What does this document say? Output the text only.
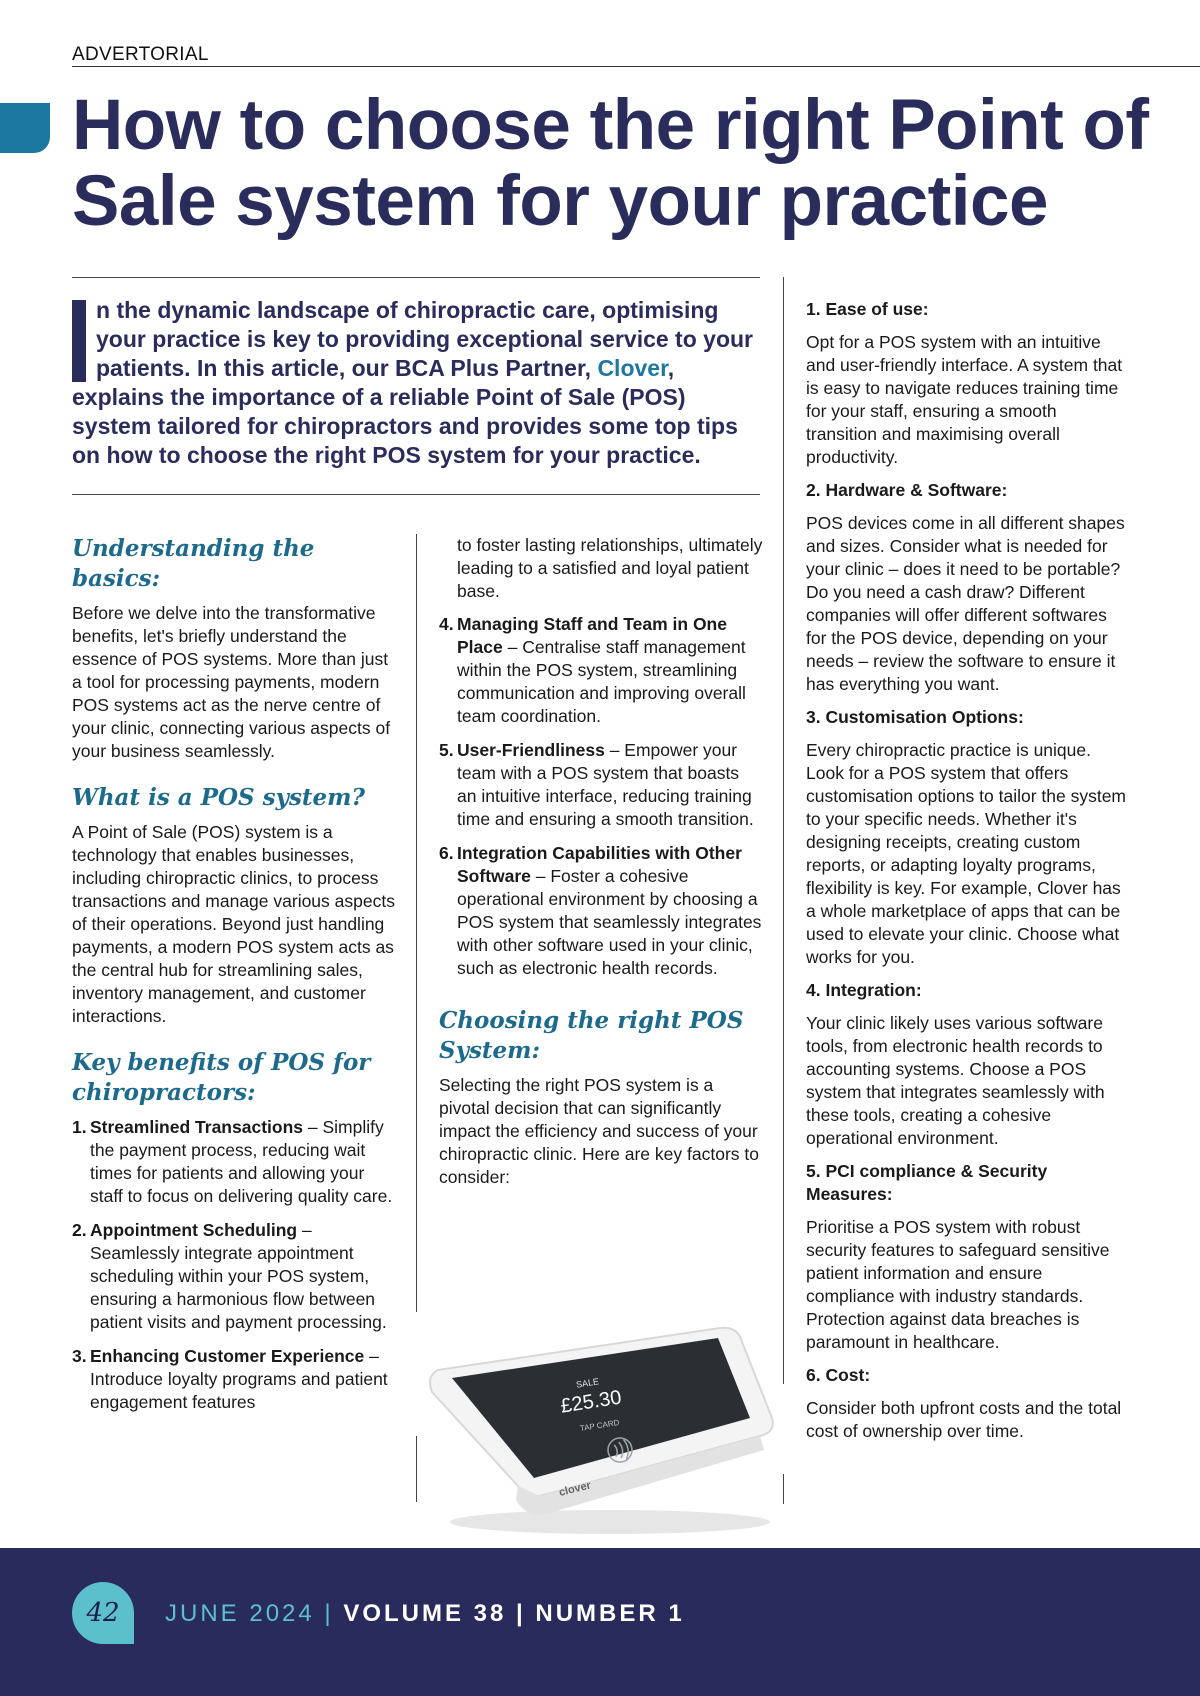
ADVERTORIAL
How to choose the right Point of Sale system for your practice
n the dynamic landscape of chiropractic care, optimising your practice is key to providing exceptional service to your patients. In this article, our BCA Plus Partner, Clover, explains the importance of a reliable Point of Sale (POS) system tailored for chiropractors and provides some top tips on how to choose the right POS system for your practice.
Understanding the basics:

Before we delve into the transformative benefits, let's briefly understand the essence of POS systems. More than just a tool for processing payments, modern POS systems act as the nerve centre of your clinic, connecting various aspects of your business seamlessly.

What is a POS system?

A Point of Sale (POS) system is a technology that enables businesses, including chiropractic clinics, to process transactions and manage various aspects of their operations. Beyond just handling payments, a modern POS system acts as the central hub for streamlining sales, inventory management, and customer interactions.

Key benefits of POS for chiropractors:
1. Streamlined Transactions – Simplify the payment process, reducing wait times for patients and allowing your staff to focus on delivering quality care.
2. Appointment Scheduling – Seamlessly integrate appointment scheduling within your POS system, ensuring a harmonious flow between patient visits and payment processing.
3. Enhancing Customer Experience – Introduce loyalty programs and patient engagement features

to foster lasting relationships, ultimately leading to a satisfied and loyal patient base.

4. Managing Staff and Team in One Place – Centralise staff management within the POS system, streamlining communication and improving overall team coordination.
5. User-Friendliness – Empower your team with a POS system that boasts an intuitive interface, reducing training time and ensuring a smooth transition.
6. Integration Capabilities with Other Software – Foster a cohesive operational environment by choosing a POS system that seamlessly integrates with other software used in your clinic, such as electronic health records.
Choosing the right POS System:

Selecting the right POS system is a pivotal decision that can significantly impact the efficiency and success of your chiropractic clinic. Here are key factors to consider:

SALE
£25.30
TAP CARD
clover
1. Ease of use:

Opt for a POS system with an intuitive and user-friendly interface. A system that is easy to navigate reduces training time for your staff, ensuring a smooth transition and maximising overall productivity.

2. Hardware & Software:

POS devices come in all different shapes and sizes. Consider what is needed for your clinic – does it need to be portable? Do you need a cash draw? Different companies will offer different softwares for the POS device, depending on your needs – review the software to ensure it has everything you want.

3. Customisation Options:

Every chiropractic practice is unique. Look for a POS system that offers customisation options to tailor the system to your specific needs. Whether it's designing receipts, creating custom reports, or adapting loyalty programs, flexibility is key. For example, Clover has a whole marketplace of apps that can be used to elevate your clinic. Choose what works for you.

4. Integration:

Your clinic likely uses various software tools, from electronic health records to accounting systems. Choose a POS system that integrates seamlessly with these tools, creating a cohesive operational environment.

5. PCI compliance & Security Measures:

Prioritise a POS system with robust security features to safeguard sensitive patient information and ensure compliance with industry standards. Protection against data breaches is paramount in healthcare.

6. Cost:

Consider both upfront costs and the total cost of ownership over time.

42	JUNE 2024 | VOLUME 38 | NUMBER 1
